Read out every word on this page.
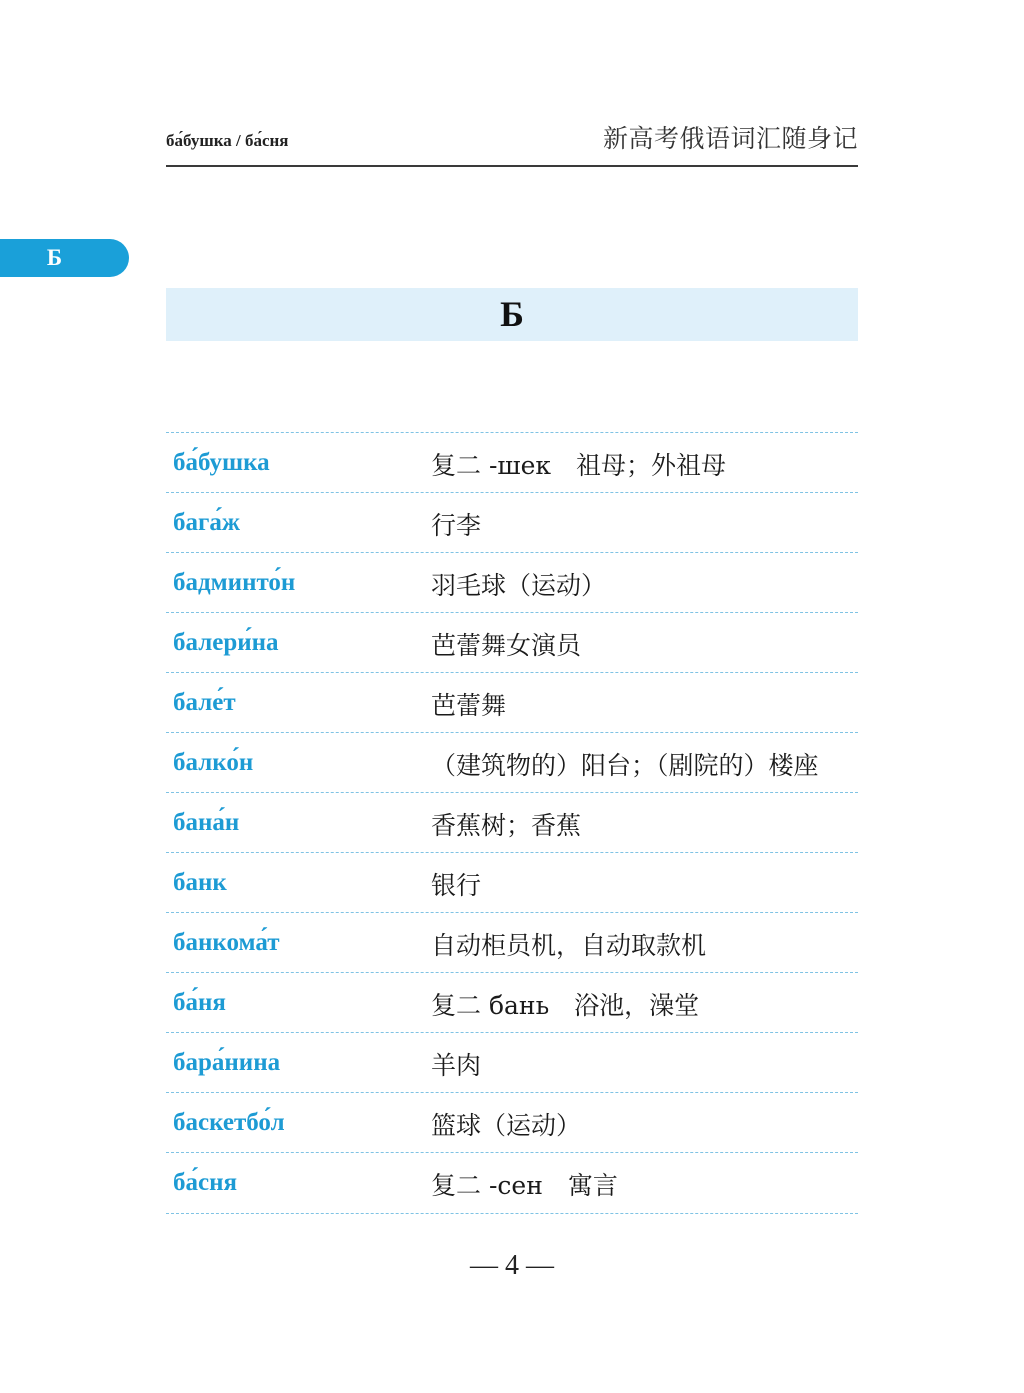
ба́бушка / ба́сня	新高考俄语词汇随身记
Б
Б
ба́бушка	复二 -шек　祖母；外祖母
бага́ж	行李
бадминто́н	羽毛球（运动）
балери́на	芭蕾舞女演员
бале́т	芭蕾舞
балко́н	（建筑物的）阳台；（剧院的）楼座
бана́н	香蕉树；香蕉
банк	银行
банкома́т	自动柜员机，自动取款机
ба́ня	复二 бань　浴池，澡堂
бара́нина	羊肉
баскетбо́л	篮球（运动）
ба́сня	复二 -сен　寓言
— 4 —
